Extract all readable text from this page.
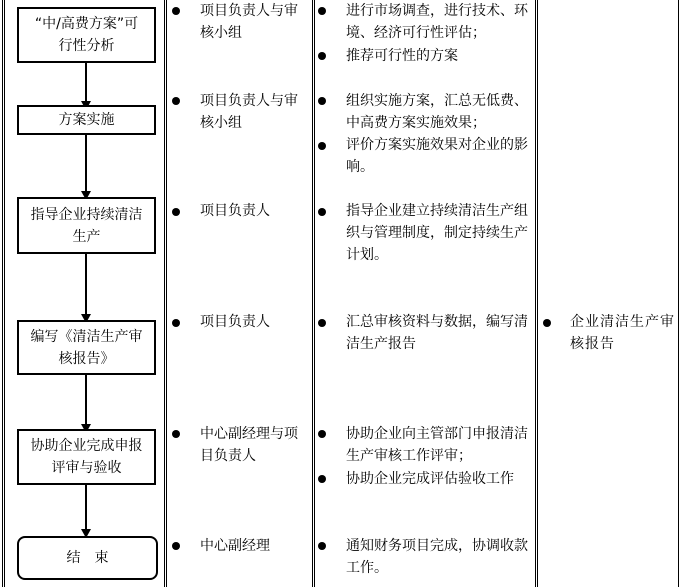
“中/高费方案”可行性分析
方案实施
指导企业持续清洁生产
编写《清洁生产审核报告》
协助企业完成申报评审与验收
结　束
项目负责人与审核小组
项目负责人与审核小组
项目负责人
项目负责人
中心副经理与项目负责人
中心副经理
进行市场调查，进行技术、环境、经济可行性评估；
推荐可行性的方案
组织实施方案，汇总无低费、中高费方案实施效果；
评价方案实施效果对企业的影响。
指导企业建立持续清洁生产组织与管理制度，制定持续生产计划。
汇总审核资料与数据，编写清洁生产报告
协助企业向主管部门申报清洁生产审核工作评审；
协助企业完成评估验收工作
通知财务项目完成，协调收款工作。
企业清洁生产审核报告
